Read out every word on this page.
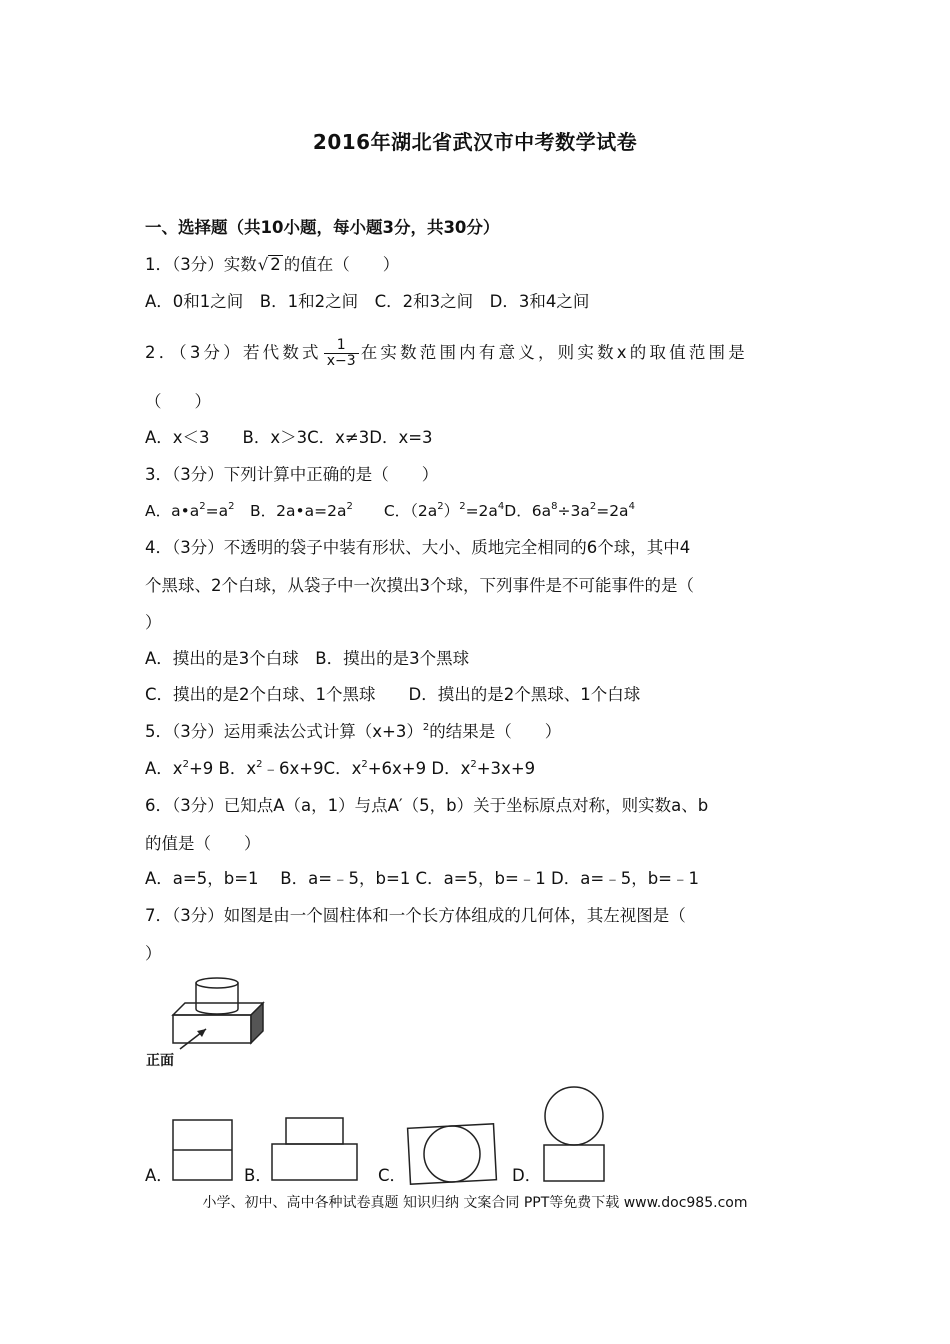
2016年湖北省武汉市中考数学试卷
一、选择题（共10小题，每小题3分，共30分）
1．（3分）实数√ 2 的值在（　　）
A．0和1之间　B．1和2之间　C．2和3之间　D．3和4之间
2．（3分）若代数式 $\frac{1}{x-3}$ 在实数范围内有意义，则实数x的取值范围是
（　　）
A．x＜3　　B．x＞3C．x≠3D．x=3
3．（3分）下列计算中正确的是（　　）
A．$a•a^2=a^2$　B．$2a•a=2a^2$　　C．$(2a^2)^2=2a^4D$．$6a^8\div 3a^2=2a^4$
4．（3分）不透明的袋子中装有形状、大小、质地完全相同的6个球，其中4
个黑球、2个白球，从袋子中一次摸出3个球，下列事件是不可能事件的是（
）
A．摸出的是3个白球　B．摸出的是3个黑球
C．摸出的是2个白球、1个黑球　　D．摸出的是2个黑球、1个白球
5．（3分）运用乘法公式计算$(x+3)^2$的结果是（　　）
A．$x^2+9$ B．$x^2﹣6x+9C$．$x^2+6x+9$ D．$x^2+3x+9$
6．（3分）已知点A（a，1）与点A′（5，b）关于坐标原点对称，则实数a、b
的值是（　　）
A．a=5，b=1　 B．a=﹣5，b=1 C．a=5，b=﹣1 D．a=﹣5，b=﹣1
7．（3分）如图是由一个圆柱体和一个长方体组成的几何体，其左视图是（
）
正面
A．	B．	C．	D．
小学、初中、高中各种试卷真题 知识归纳 文案合同 PPT等免费下载 www.doc985.com
